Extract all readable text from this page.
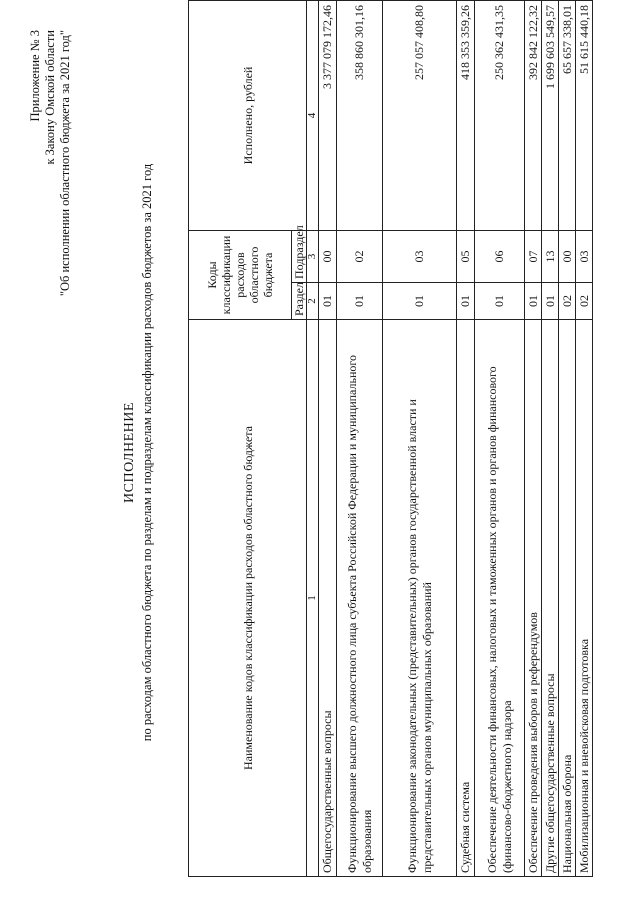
Приложение № 3 к Закону Омской области "Об исполнении областного бюджета за 2021 год"
ИСПОЛНЕНИЕ по расходам областного бюджета по разделам и подразделам классификации расходов бюджетов за 2021 год	Наименование кодов классификации расходов областного бюджета	Коды классификации расходов областного бюджета		Исполнено, рублей
	Раздел	Подраздел	
1	2	3	4
Общегосударственные вопросы	01	00	3 377 079 172,46
Функционирование высшего должностного лица субъекта Российской Федерации и муниципального образования	01	02	358 860 301,16
Функционирование законодательных (представительных) органов государственной власти и представительных органов муниципальных образований	01	03	257 057 408,80
Судебная система	01	05	418 353 359,26
Обеспечение деятельности финансовых, налоговых и таможенных органов и органов финансового (финансово-бюджетного) надзора	01	06	250 362 431,35
Обеспечение проведения выборов и референдумов	01	07	392 842 122,32
Другие общегосударственные вопросы	01	13	1 699 603 549,57
Национальная оборона	02	00	65 657 338,01
Мобилизационная и вневойсковая подготовка	02	03	51 615 440,18
